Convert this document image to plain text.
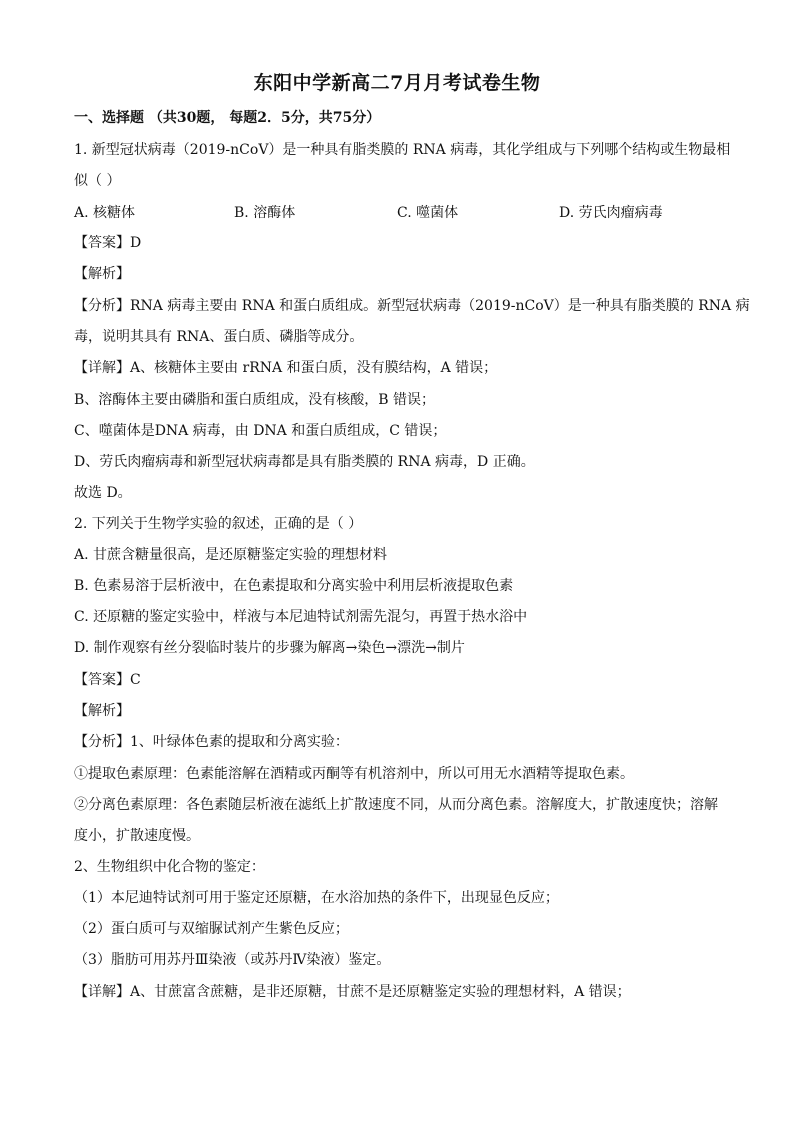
东阳中学新高二7月月考试卷生物
一、选择题 （共30题， 每题2．5分，共75分）
1. 新型冠状病毒（2019-nCoV）是一种具有脂类膜的 RNA 病毒，其化学组成与下列哪个结构或生物最相
似（ ）
A. 核糖体	B. 溶酶体	C. 噬菌体	D. 劳氏肉瘤病毒
【答案】D
【解析】
【分析】RNA 病毒主要由 RNA 和蛋白质组成。新型冠状病毒（2019-nCoV）是一种具有脂类膜的 RNA 病
毒，说明其具有 RNA、蛋白质、磷脂等成分。
【详解】A、核糖体主要由 rRNA 和蛋白质，没有膜结构，A 错误；
B、溶酶体主要由磷脂和蛋白质组成，没有核酸，B 错误；
C、噬菌体是DNA 病毒，由 DNA 和蛋白质组成，C 错误；
D、劳氏肉瘤病毒和新型冠状病毒都是具有脂类膜的 RNA 病毒，D 正确。
故选 D。
2. 下列关于生物学实验的叙述，正确的是（ ）
A. 甘蔗含糖量很高，是还原糖鉴定实验的理想材料
B. 色素易溶于层析液中，在色素提取和分离实验中利用层析液提取色素
C. 还原糖的鉴定实验中，样液与本尼迪特试剂需先混匀，再置于热水浴中
D. 制作观察有丝分裂临时装片的步骤为解离→染色→漂洗→制片
【答案】C
【解析】
【分析】1、叶绿体色素的提取和分离实验：
①提取色素原理：色素能溶解在酒精或丙酮等有机溶剂中，所以可用无水酒精等提取色素。
②分离色素原理：各色素随层析液在滤纸上扩散速度不同，从而分离色素。溶解度大，扩散速度快；溶解
度小，扩散速度慢。
2、生物组织中化合物的鉴定：
（1）本尼迪特试剂可用于鉴定还原糖，在水浴加热的条件下，出现显色反应；
（2）蛋白质可与双缩脲试剂产生紫色反应；
（3）脂肪可用苏丹Ⅲ染液（或苏丹Ⅳ染液）鉴定。
【详解】A、甘蔗富含蔗糖，是非还原糖，甘蔗不是还原糖鉴定实验的理想材料，A 错误；
